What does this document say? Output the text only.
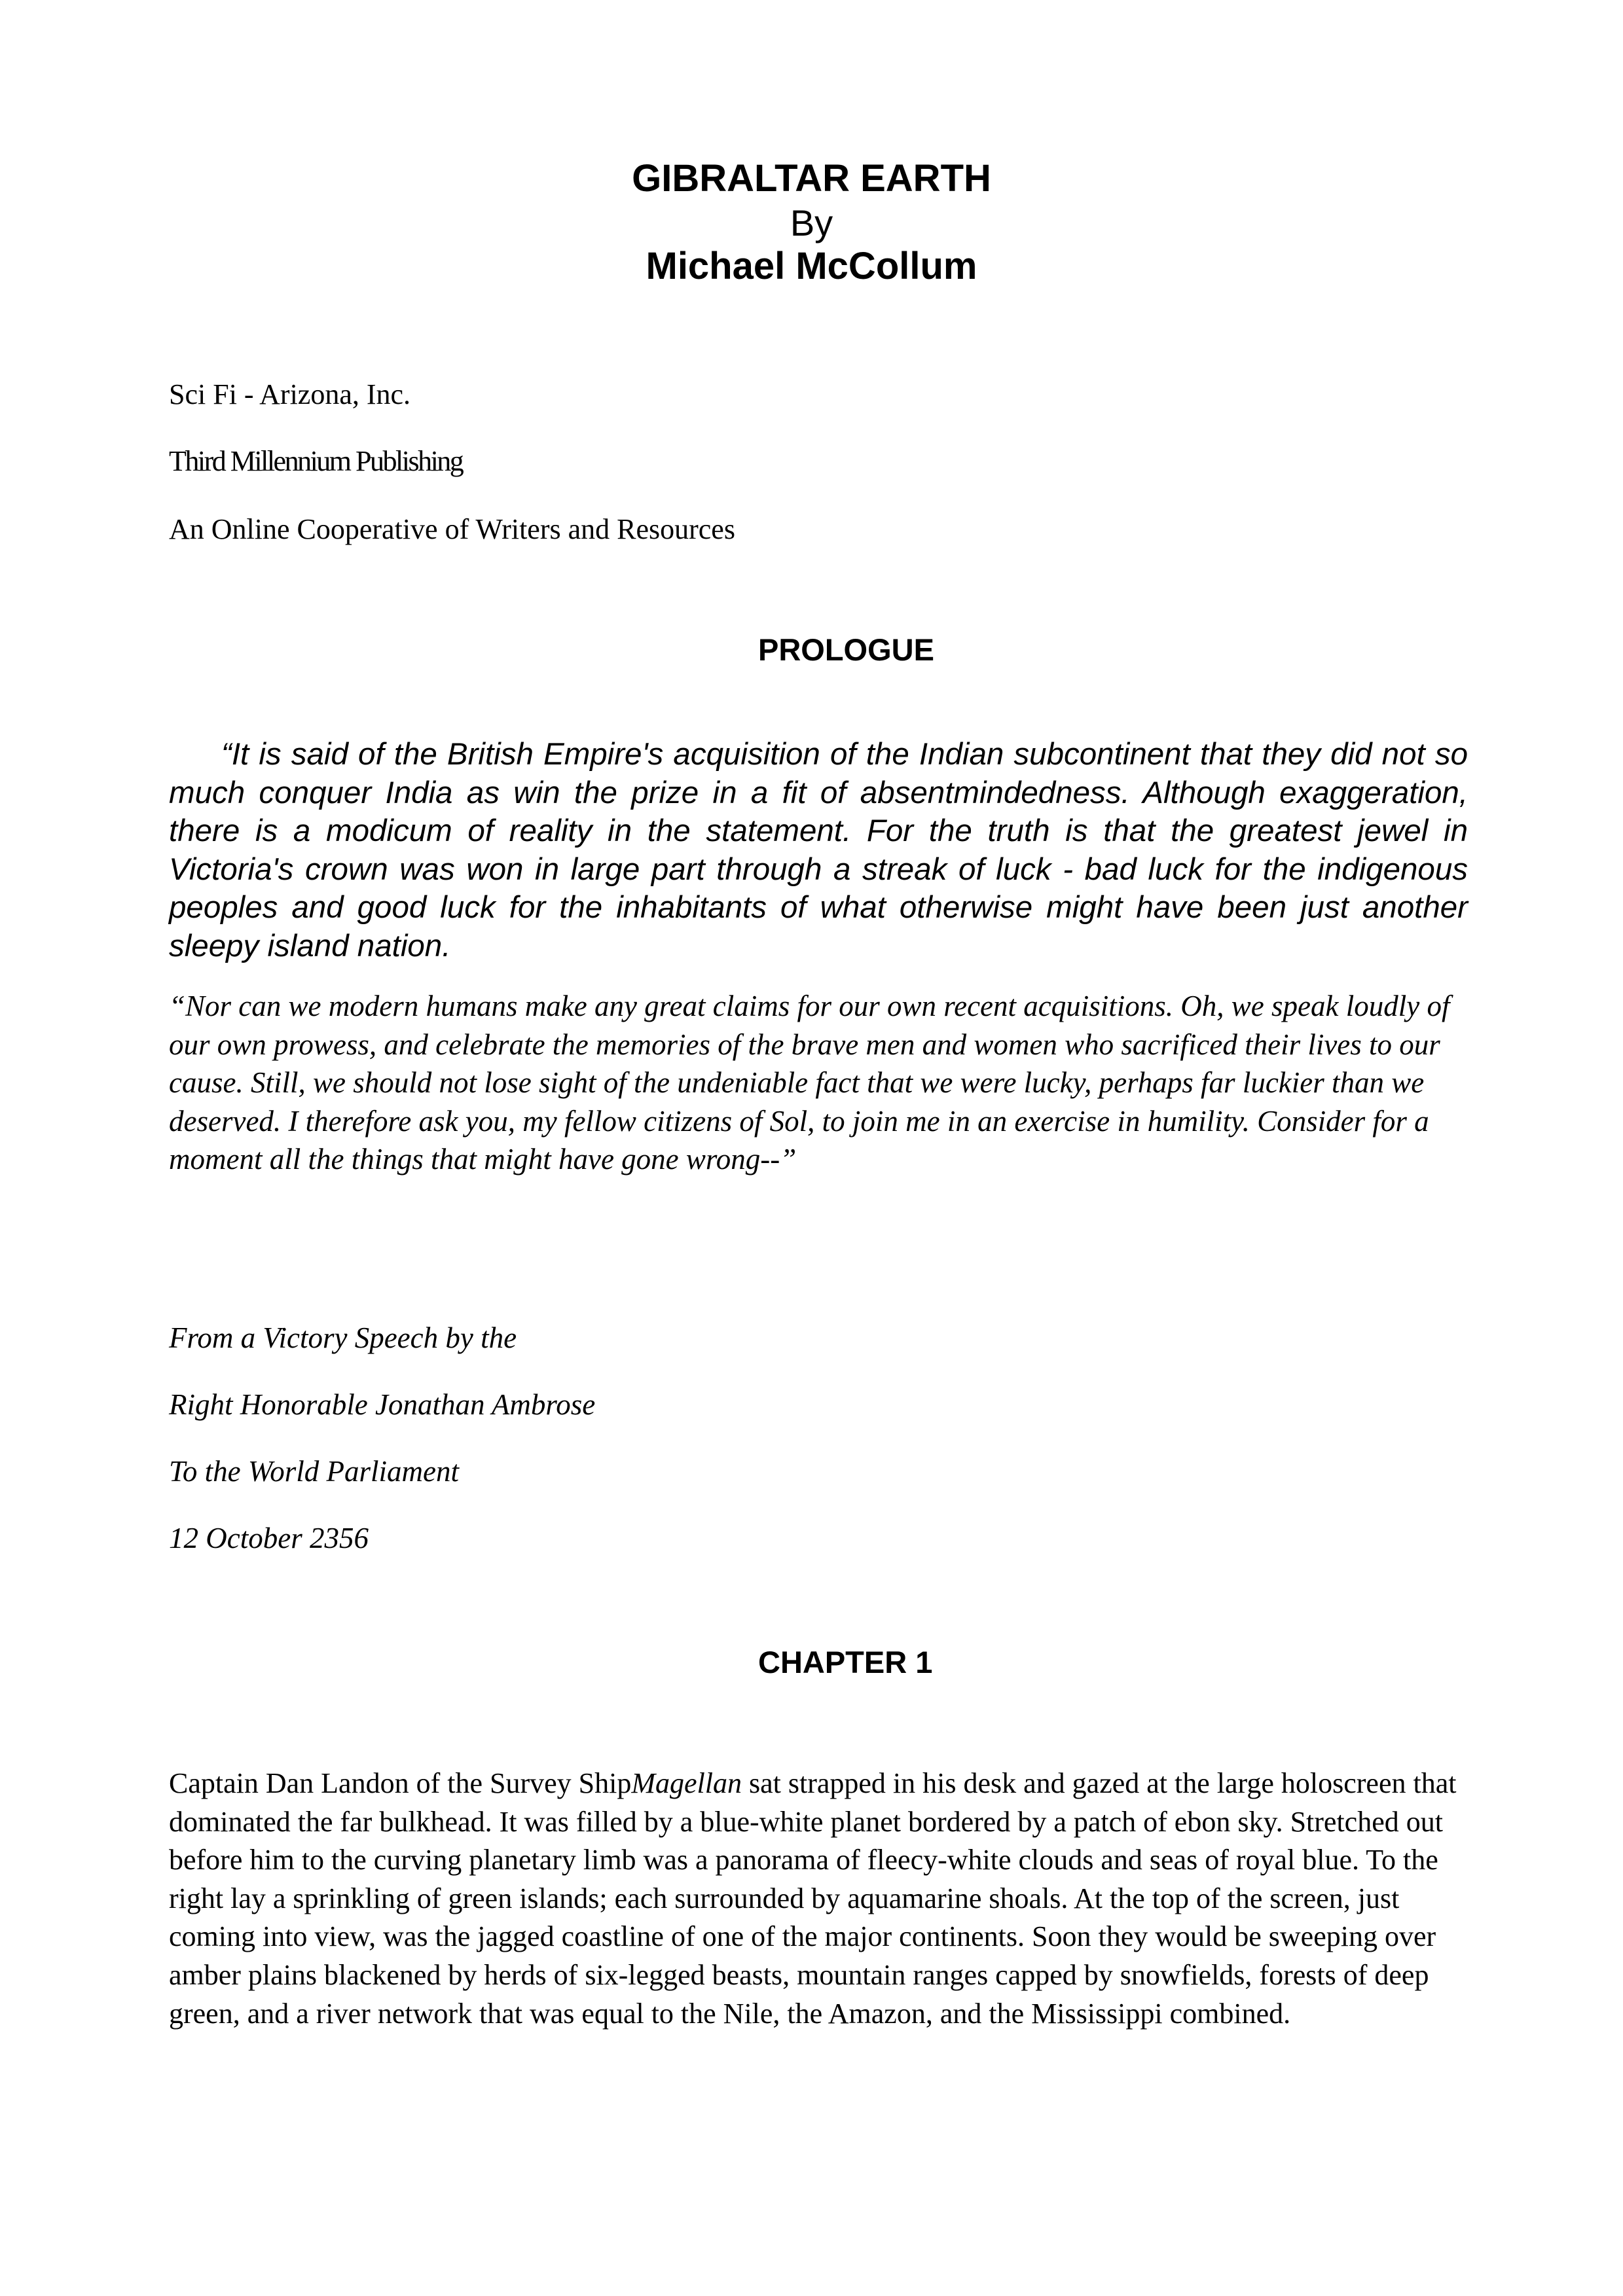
GIBRALTAR EARTH
By
Michael McCollum
Sci Fi - Arizona, Inc.
Third Millennium Publishing
An Online Cooperative of Writers and Resources
PROLOGUE

“It is said of the British Empire's acquisition of the Indian subcontinent that they did not so much conquer India as win the prize in a fit of absentmindedness. Although exaggeration, there is a modicum of reality in the statement. For the truth is that the greatest jewel in Victoria's crown was won in large part through a streak of luck - bad luck for the indigenous peoples and good luck for the inhabitants of what otherwise might have been just another sleepy island nation.

“Nor can we modern humans make any great claims for our own recent acquisitions. Oh, we speak loudly of our own prowess, and celebrate the memories of the brave men and women who sacrificed their lives to our cause. Still, we should not lose sight of the undeniable fact that we were lucky, perhaps far luckier than we deserved. I therefore ask you, my fellow citizens of Sol, to join me in an exercise in humility. Consider for a moment all the things that might have gone wrong--”

From a Victory Speech by the
Right Honorable Jonathan Ambrose
To the World Parliament
12 October 2356
CHAPTER 1

Captain Dan Landon of the Survey ShipMagellan sat strapped in his desk and gazed at the large holoscreen that dominated the far bulkhead. It was filled by a blue-white planet bordered by a patch of ebon sky. Stretched out before him to the curving planetary limb was a panorama of fleecy-white clouds and seas of royal blue. To the right lay a sprinkling of green islands; each surrounded by aquamarine shoals. At the top of the screen, just coming into view, was the jagged coastline of one of the major continents. Soon they would be sweeping over amber plains blackened by herds of six-legged beasts, mountain ranges capped by snowfields, forests of deep green, and a river network that was equal to the Nile, the Amazon, and the Mississippi combined.
